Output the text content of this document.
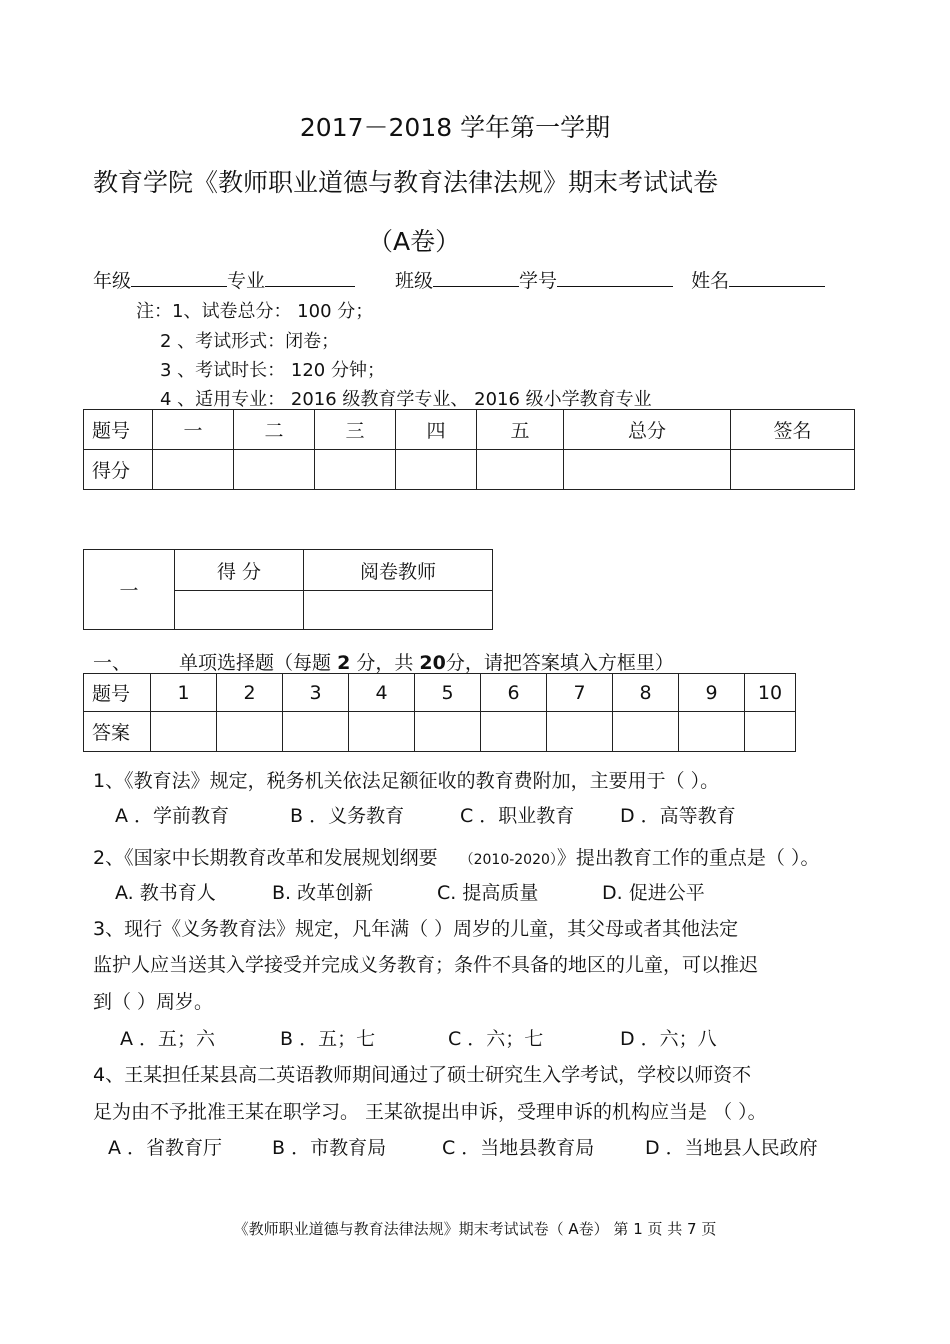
2017－2018 学年第一学期
教育学院《教师职业道德与教育法律法规》期末考试试卷
（A卷）
年级	专业	班级	学号	姓名
注：1、试卷总分： 100 分；
2 、考试形式：闭卷；
3 、考试时长： 120 分钟；
4 、适用专业： 2016 级教育学专业、 2016 级小学教育专业
题号	一	二	三	四	五	总分	签名
得分							
一	得 分	阅卷教师

一、	单项选择题（每题 2 分，共 20分，请把答案填入方框里）
题号	1	2	3	4	5	6	7	8	9	10
答案										
1、《教育法》规定，税务机关依法足额征收的教育费附加，主要用于（ ）。
A ．学前教育	B ．义务教育	C ．职业教育 D ．高等教育
2、《国家中长期教育改革和发展规划纲要 （2010-2020）》提出教育工作的重点是（ ）。
A. 教书育人	B. 改革创新	C. 提高质量	D. 促进公平
3、现行《义务教育法》规定，凡年满（ ）周岁的儿童，其父母或者其他法定
监护人应当送其入学接受并完成义务教育；条件不具备的地区的儿童，可以推迟
到（ ）周岁。
A ．五；六	B ．五；七	C ．六；七	D ．六；八
4、王某担任某县高二英语教师期间通过了硕士研究生入学考试，学校以师资不
足为由不予批准王某在职学习。 王某欲提出申诉，受理申诉的机构应当是 （ ）。
A ．省教育厅	B ．市教育局	C ．当地县教育局	D ．当地县人民政府
《教师职业道德与教育法律法规》期末考试试卷（ A卷） 第 1 页 共 7 页
